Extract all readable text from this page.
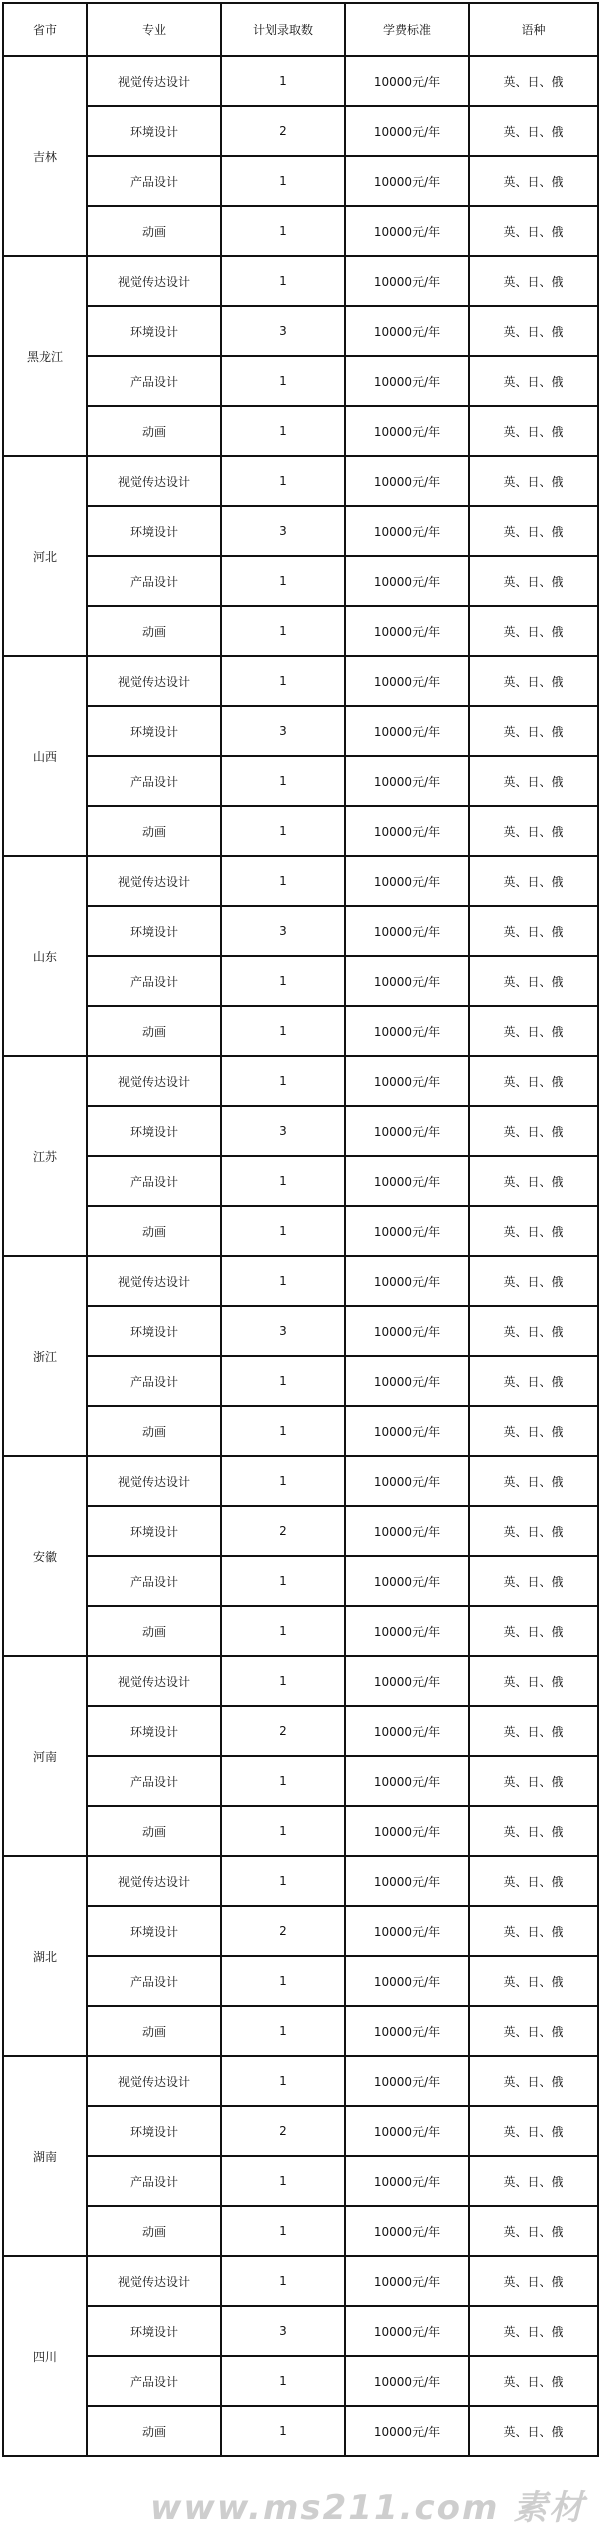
省市	专业	计划录取数	学费标准	语种
吉林	视觉传达设计	1	10000元/年	英、日、俄
	环境设计	2	10000元/年	英、日、俄
	产品设计	1	10000元/年	英、日、俄
	动画	1	10000元/年	英、日、俄
黑龙江	视觉传达设计	1	10000元/年	英、日、俄
	环境设计	3	10000元/年	英、日、俄
	产品设计	1	10000元/年	英、日、俄
	动画	1	10000元/年	英、日、俄
河北	视觉传达设计	1	10000元/年	英、日、俄
	环境设计	3	10000元/年	英、日、俄
	产品设计	1	10000元/年	英、日、俄
	动画	1	10000元/年	英、日、俄
山西	视觉传达设计	1	10000元/年	英、日、俄
	环境设计	3	10000元/年	英、日、俄
	产品设计	1	10000元/年	英、日、俄
	动画	1	10000元/年	英、日、俄
山东	视觉传达设计	1	10000元/年	英、日、俄
	环境设计	3	10000元/年	英、日、俄
	产品设计	1	10000元/年	英、日、俄
	动画	1	10000元/年	英、日、俄
江苏	视觉传达设计	1	10000元/年	英、日、俄
	环境设计	3	10000元/年	英、日、俄
	产品设计	1	10000元/年	英、日、俄
	动画	1	10000元/年	英、日、俄
浙江	视觉传达设计	1	10000元/年	英、日、俄
	环境设计	3	10000元/年	英、日、俄
	产品设计	1	10000元/年	英、日、俄
	动画	1	10000元/年	英、日、俄
安徽	视觉传达设计	1	10000元/年	英、日、俄
	环境设计	2	10000元/年	英、日、俄
	产品设计	1	10000元/年	英、日、俄
	动画	1	10000元/年	英、日、俄
河南	视觉传达设计	1	10000元/年	英、日、俄
	环境设计	2	10000元/年	英、日、俄
	产品设计	1	10000元/年	英、日、俄
	动画	1	10000元/年	英、日、俄
湖北	视觉传达设计	1	10000元/年	英、日、俄
	环境设计	2	10000元/年	英、日、俄
	产品设计	1	10000元/年	英、日、俄
	动画	1	10000元/年	英、日、俄
湖南	视觉传达设计	1	10000元/年	英、日、俄
	环境设计	2	10000元/年	英、日、俄
	产品设计	1	10000元/年	英、日、俄
	动画	1	10000元/年	英、日、俄
四川	视觉传达设计	1	10000元/年	英、日、俄
	环境设计	3	10000元/年	英、日、俄
	产品设计	1	10000元/年	英、日、俄
	动画	1	10000元/年	英、日、俄
www.ms211.com 素材
